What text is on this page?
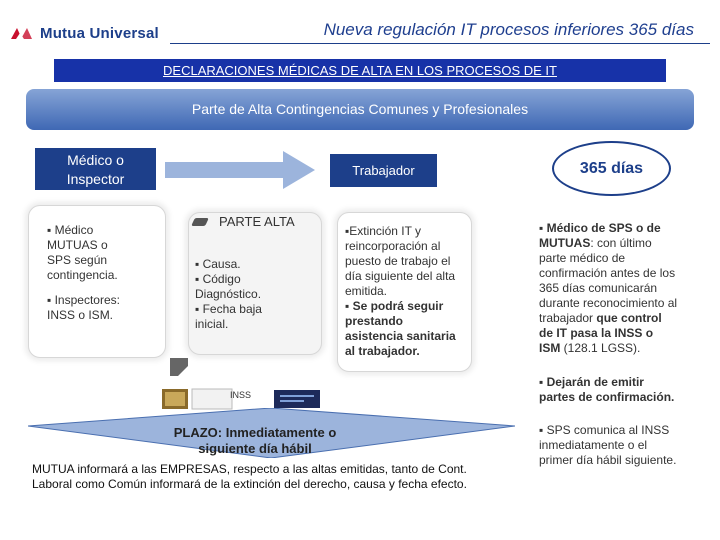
Mutua Universal	Nueva regulación IT procesos inferiores 365 días
DECLARACIONES MÉDICAS DE ALTA EN LOS PROCESOS DE IT
Parte de Alta Contingencias Comunes y Profesionales
Médico o
Inspector
Trabajador	365 días
▪ Médico
MUTUAS o
SPS según
contingencia.
▪ Inspectores:
INSS o ISM.
PARTE ALTA
▪ Causa.
▪ Código
Diagnóstico.
▪ Fecha baja
inicial.
▪Extinción IT y
reincorporación al
puesto de trabajo el
día siguiente del alta
emitida.
▪ Se podrá seguir
prestando
asistencia sanitaria
al trabajador.
▪ Médico de SPS o de
MUTUAS: con último
parte médico de
confirmación antes de los
365 días comunicarán
durante reconocimiento al
trabajador que control
de IT pasa la INSS o
ISM (128.1 LGSS).
▪ Dejarán de emitir
partes de confirmación.
▪ SPS comunica al INSS
inmediatamente o el
primer día hábil siguiente.
INSS
PLAZO: Inmediatamente o
siguiente día hábil
MUTUA informará a las EMPRESAS, respecto a las altas emitidas, tanto de Cont.
Laboral como Común informará de la extinción del derecho, causa y fecha efecto.
